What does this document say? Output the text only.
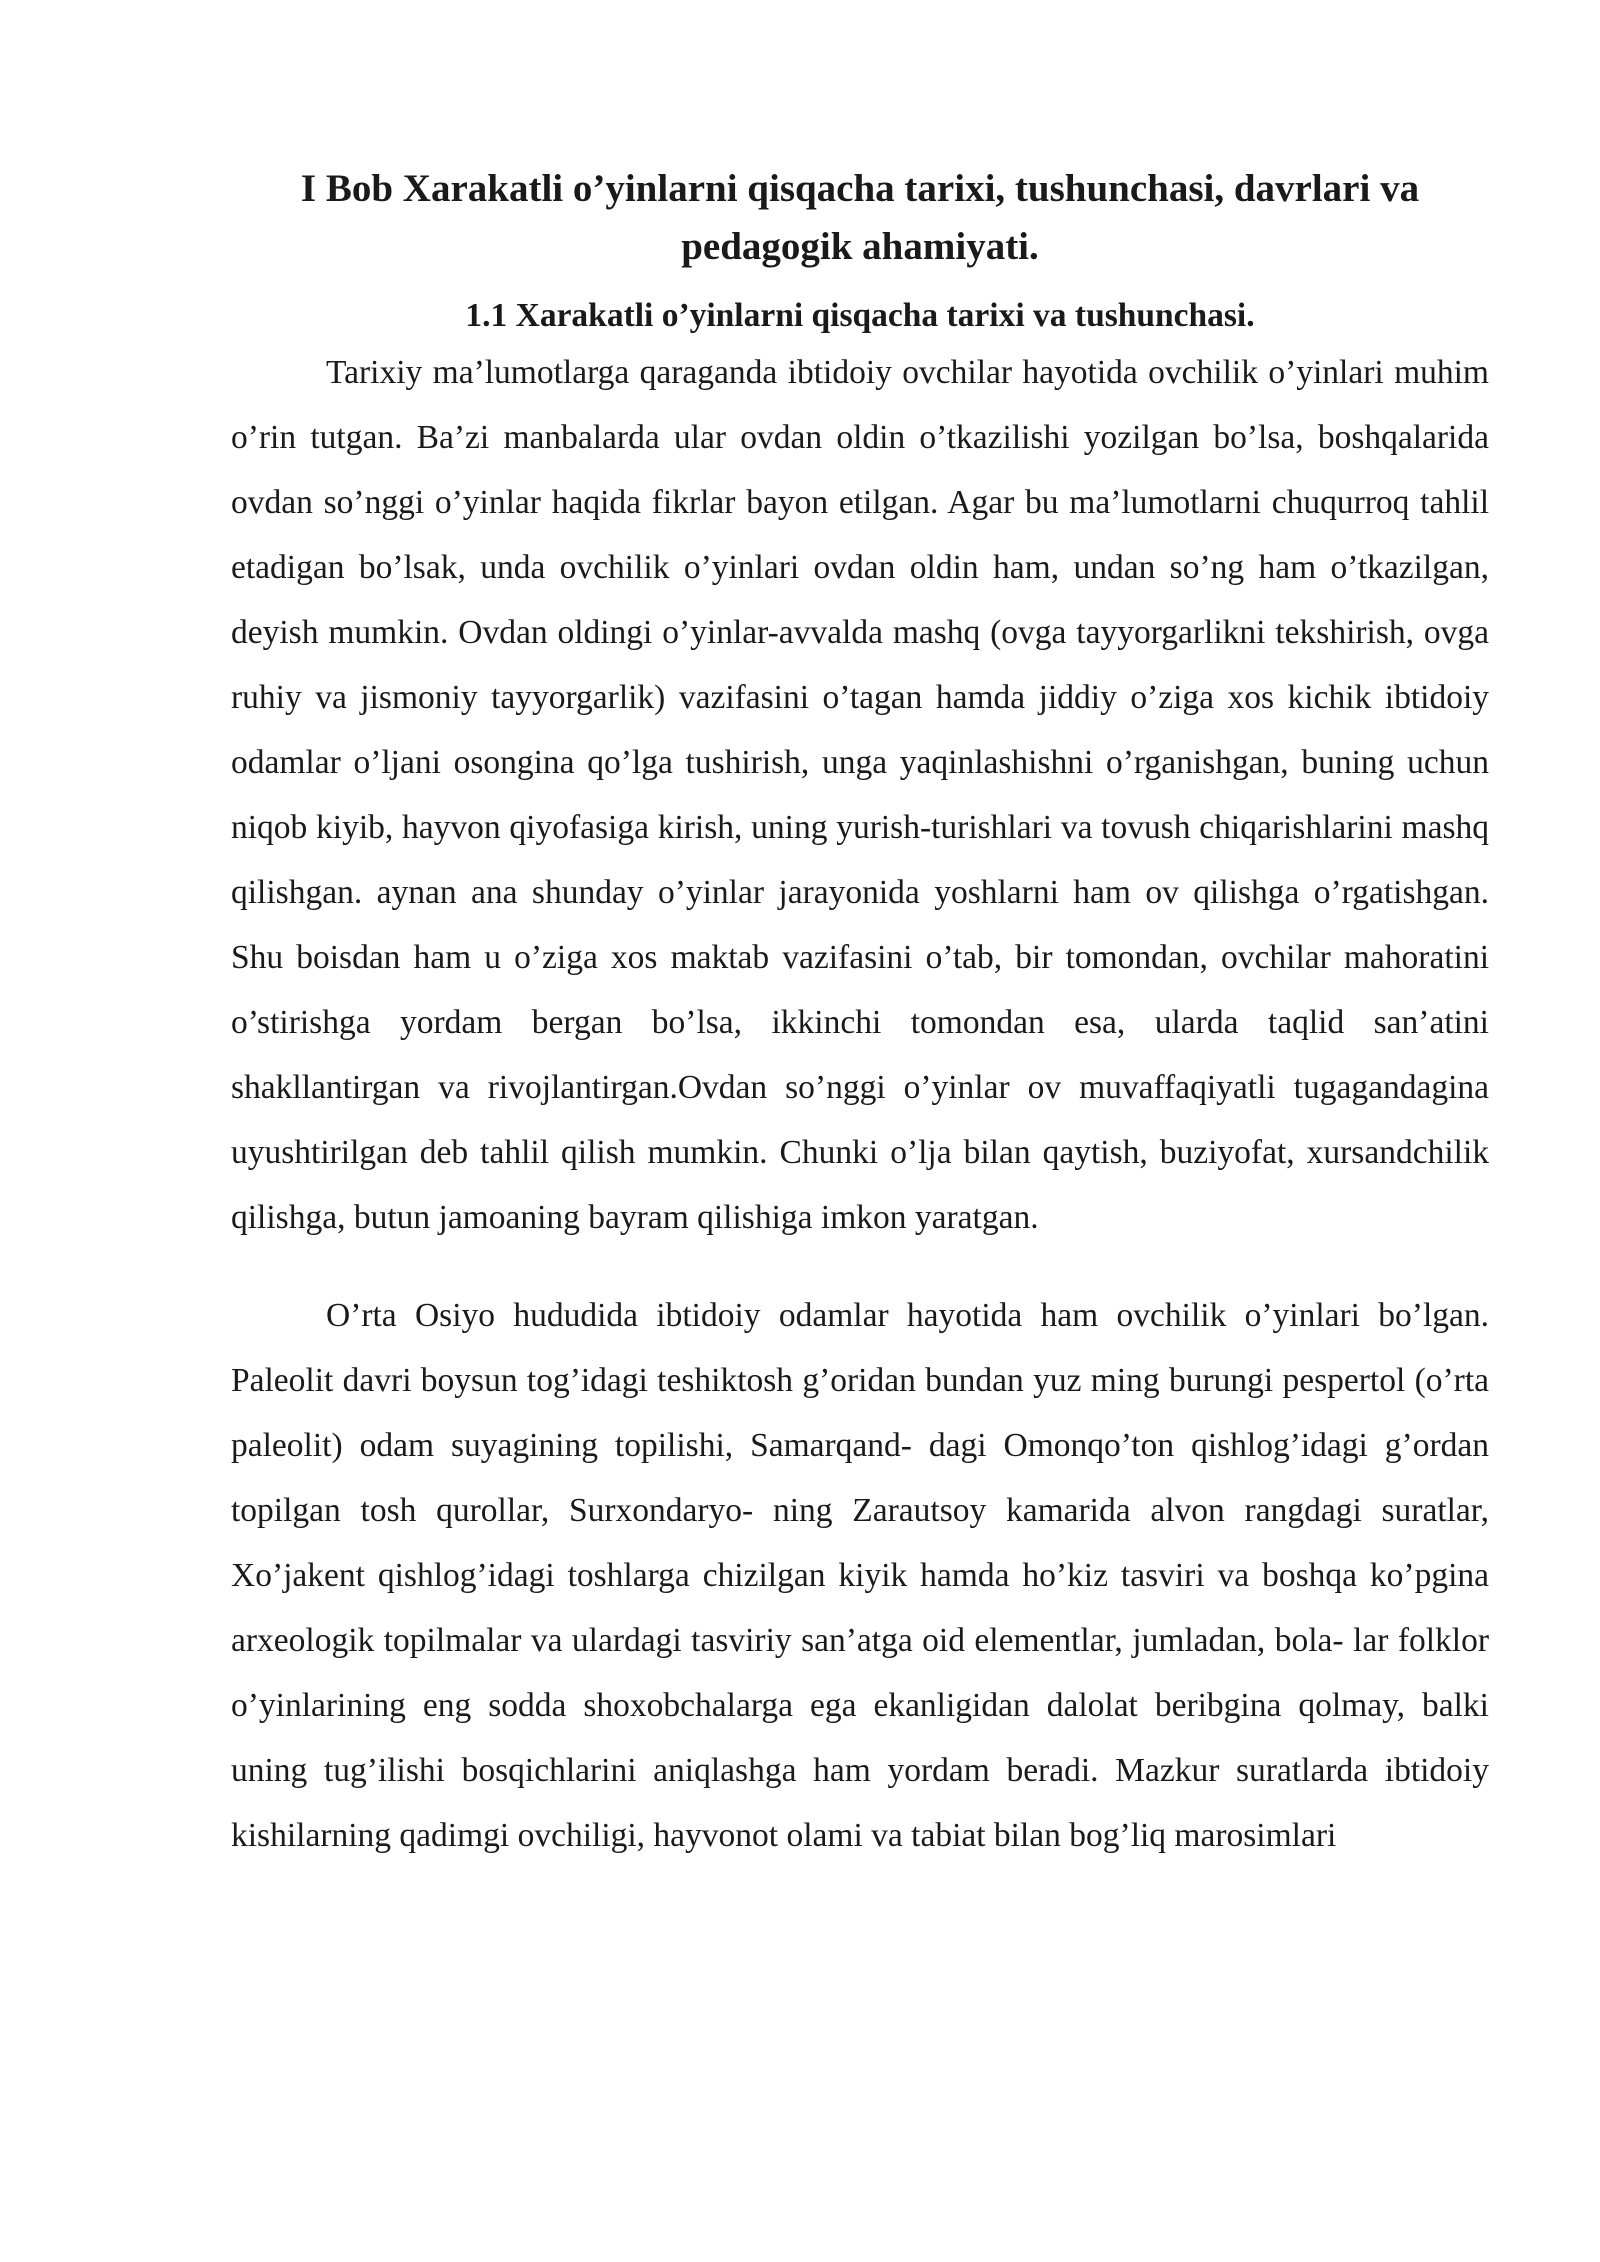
I Bob Xarakatli o’yinlarni qisqacha tarixi, tushunchasi, davrlari va pedagogik ahamiyati.
1.1 Xarakatli o’yinlarni qisqacha tarixi va tushunchasi.

Tarixiy ma’lumotlarga qaraganda ibtidoiy ovchilar hayotida ovchilik o’yinlari muhim o’rin tutgan. Ba’zi manbalarda ular ovdan oldin o’tkazilishi yozilgan bo’lsa, boshqalarida ovdan so’nggi o’yinlar haqida fikrlar bayon etilgan. Agar bu ma’lumotlarni chuqurroq tahlil etadigan bo’lsak, unda ovchilik o’yinlari ovdan oldin ham, undan so’ng ham o’tkazilgan, deyish mumkin. Ovdan oldingi o’yinlar-avvalda mashq (ovga tayyorgarlikni tekshirish, ovga ruhiy va jismoniy tayyorgarlik) vazifasini o’tagan hamda jiddiy o’ziga xos kichik ibtidoiy odamlar o’ljani osongina qo’lga tushirish, unga yaqinlashishni o’rganishgan, buning uchun niqob kiyib, hayvon qiyofasiga kirish, uning yurish-turishlari va tovush chiqarishlarini mashq qilishgan. aynan ana shunday o’yinlar jarayonida yoshlarni ham ov qilishga o’rgatishgan. Shu boisdan ham u o’ziga xos maktab vazifasini o’tab, bir tomondan, ovchilar mahoratini o’stirishga yordam bergan bo’lsa, ikkinchi tomondan esa, ularda taqlid san’atini shakllantirgan va rivojlantirgan.Ovdan so’nggi o’yinlar ov muvaffaqiyatli tugagandagina uyushtirilgan deb tahlil qilish mumkin. Chunki o’lja bilan qaytish, buziyofat, xursandchilik qilishga, butun jamoaning bayram qilishiga imkon yaratgan.

O’rta Osiyo hududida ibtidoiy odamlar hayotida ham ovchilik o’yinlari bo’lgan. Paleolit davri boysun tog’idagi teshiktosh g’oridan bundan yuz ming burungi pespertol (o’rta paleolit) odam suyagining topilishi, Samarqand- dagi Omonqo’ton qishlog’idagi g’ordan topilgan tosh qurollar, Surxondaryo- ning Zarautsoy kamarida alvon rangdagi suratlar, Xo’jakent qishlog’idagi toshlarga chizilgan kiyik hamda ho’kiz tasviri va boshqa ko’pgina arxeologik topilmalar va ulardagi tasviriy san’atga oid elementlar, jumladan, bola- lar folklor o’yinlarining eng sodda shoxobchalarga ega ekanligidan dalolat beribgina qolmay, balki uning tug’ilishi bosqichlarini aniqlashga ham yordam beradi. Mazkur suratlarda ibtidoiy kishilarning qadimgi ovchiligi, hayvonot olami va tabiat bilan bog’liq marosimlari
